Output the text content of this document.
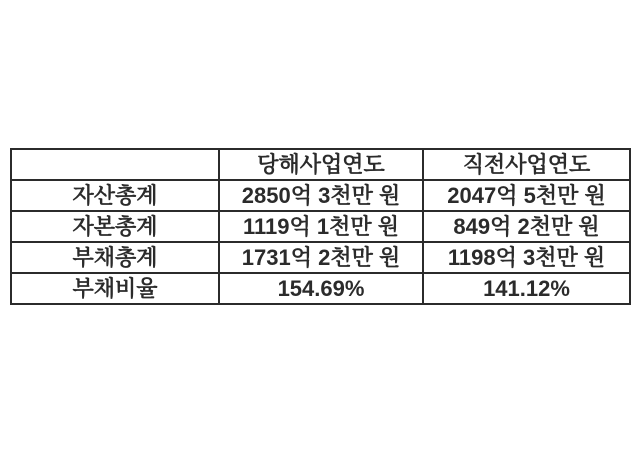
	당해사업연도	직전사업연도
자산총계	2850억 3천만 원	2047억 5천만 원
자본총계	1119억 1천만 원	849억 2천만 원
부채총계	1731억 2천만 원	1198억 3천만 원
부채비율	154.69%	141.12%
